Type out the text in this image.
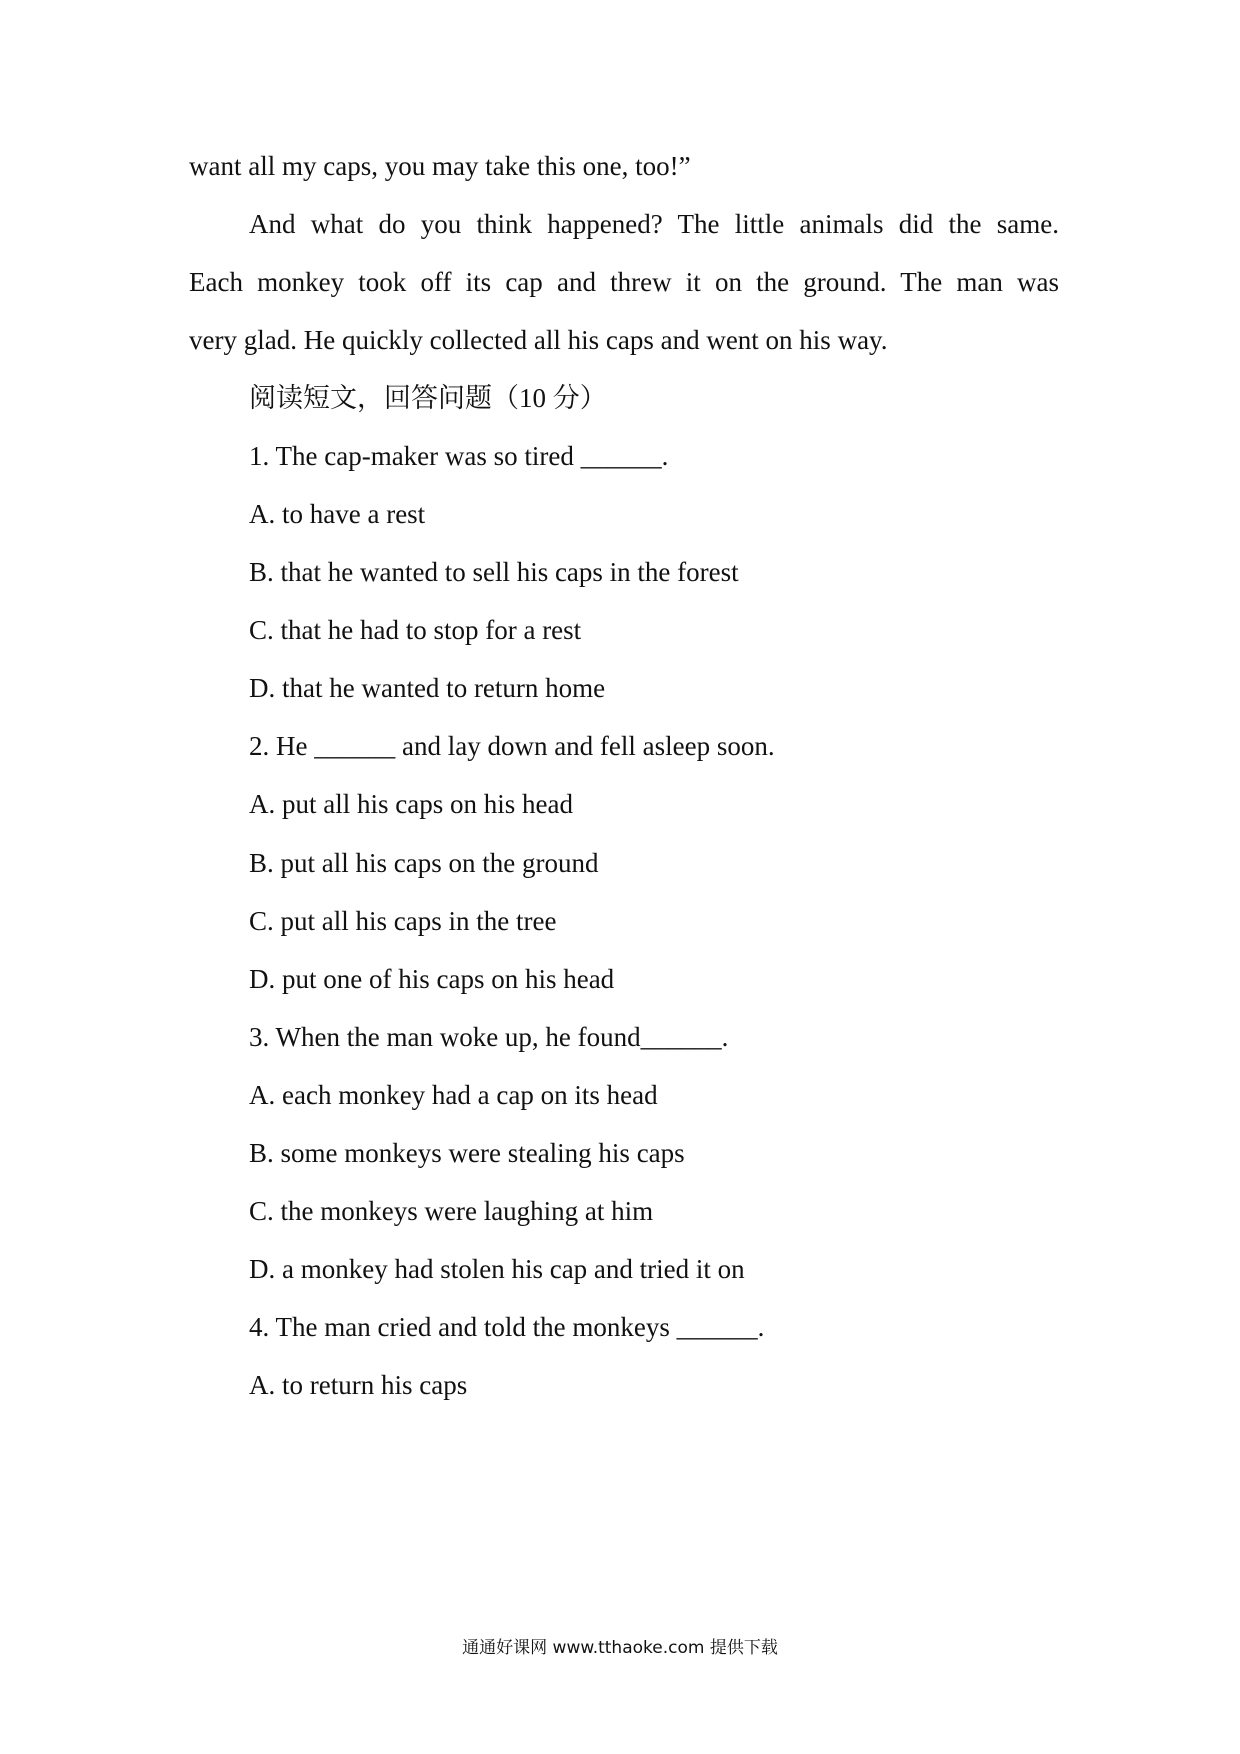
want all my caps, you may take this one, too!”
And what do you think happened? The little animals did the same.
Each monkey took off its cap and threw it on the ground. The man was
very glad. He quickly collected all his caps and went on his way.
阅读短文，回答问题（10 分）
1. The cap-maker was so tired ______.
A. to have a rest
B. that he wanted to sell his caps in the forest
C. that he had to stop for a rest
D. that he wanted to return home
2. He ______ and lay down and fell asleep soon.
A. put all his caps on his head
B. put all his caps on the ground
C. put all his caps in the tree
D. put one of his caps on his head
3. When the man woke up, he found______.
A. each monkey had a cap on its head
B. some monkeys were stealing his caps
C. the monkeys were laughing at him
D. a monkey had stolen his cap and tried it on
4. The man cried and told the monkeys ______.
A. to return his caps
通通好课网 www.tthaoke.com 提供下载
